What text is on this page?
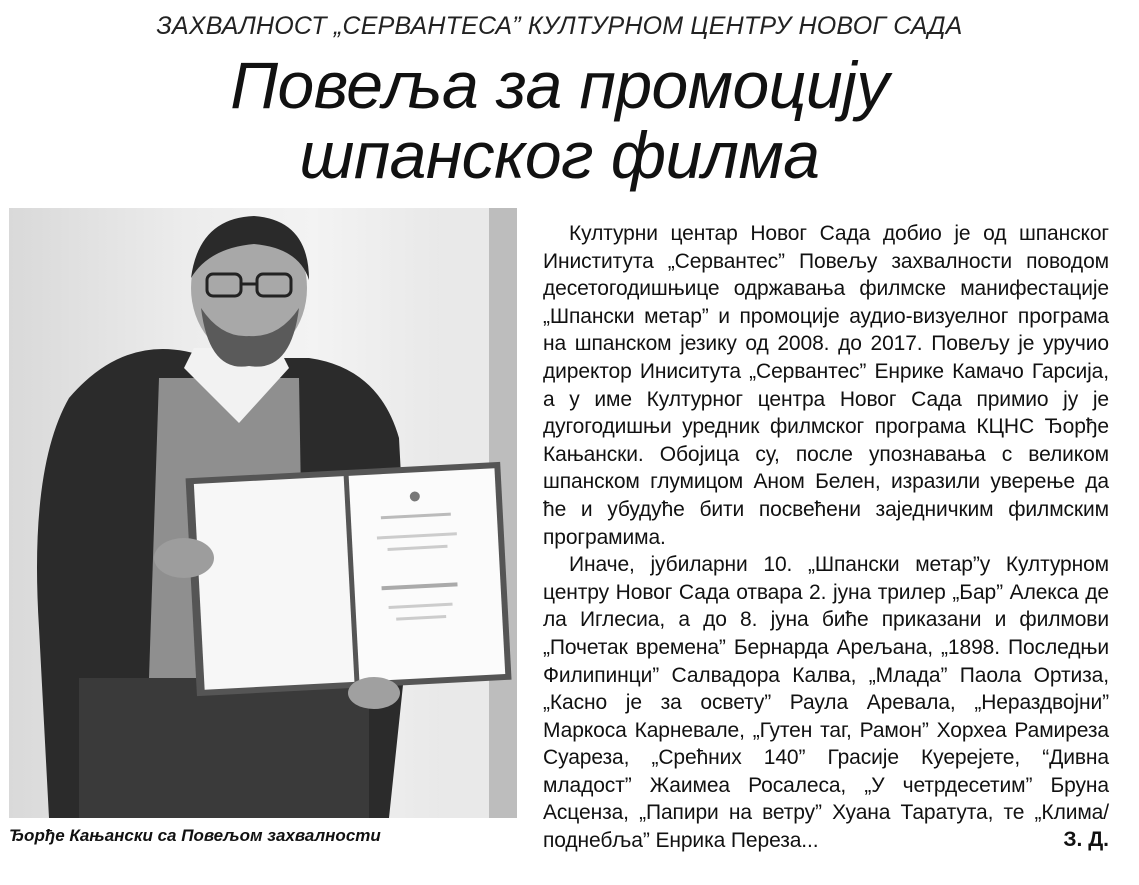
ЗАХВАЛНОСТ „СЕРВАНТЕСА” КУЛТУРНОМ ЦЕНТРУ НОВОГ САДА
Повеља за промоцију
шпанског филма
Ђорђе Кањански са Повељом захвалности

Културни центар Новог Сада добио је од шпанског Иниститута „Сервантес” Повељу захвалности поводом десетогодишњице одржавања филмске манифестације „Шпански метар” и промоције аудио-визуелног програма на шпанском језику од 2008. до 2017. Повељу је уручио директор Иниситута „Сервантес” Енрике Камачо Гарсија, а у име Културног центра Новог Сада примио ју је дугогодишњи уредник филмског програма КЦНС Ђорђе Кањански. Обојица су, после упознавања с великом шпанском глумицом Аном Белен, изразили уверење да ће и убудуће бити посвећени заједничким филмским програмима.

Иначе, јубиларни 10. „Шпански метар”у Културном центру Новог Сада отвара 2. јуна трилер „Бар” Алекса де ла Иглесиа, а до 8. јуна биће приказани и филмови „Почетак времена” Бернарда Арељана, „1898. Последњи Филипинци” Салвадора Калва, „Млада” Паола Ортиза, „Касно је за освету” Раула Аревала, „Нераздвојни” Маркоса Карневале, „Гутен таг, Рамон” Хорхеа Рамиреза Суареза, „Срећних 140” Грасије Куерејете, “Дивна младост” Жаимеа Росалеса, „У четрдесетим” Бруна Асценза, „Папири на ветру” Хуана Таратута, те „Клима/поднебља” Енрика Переза...	З. Д.
